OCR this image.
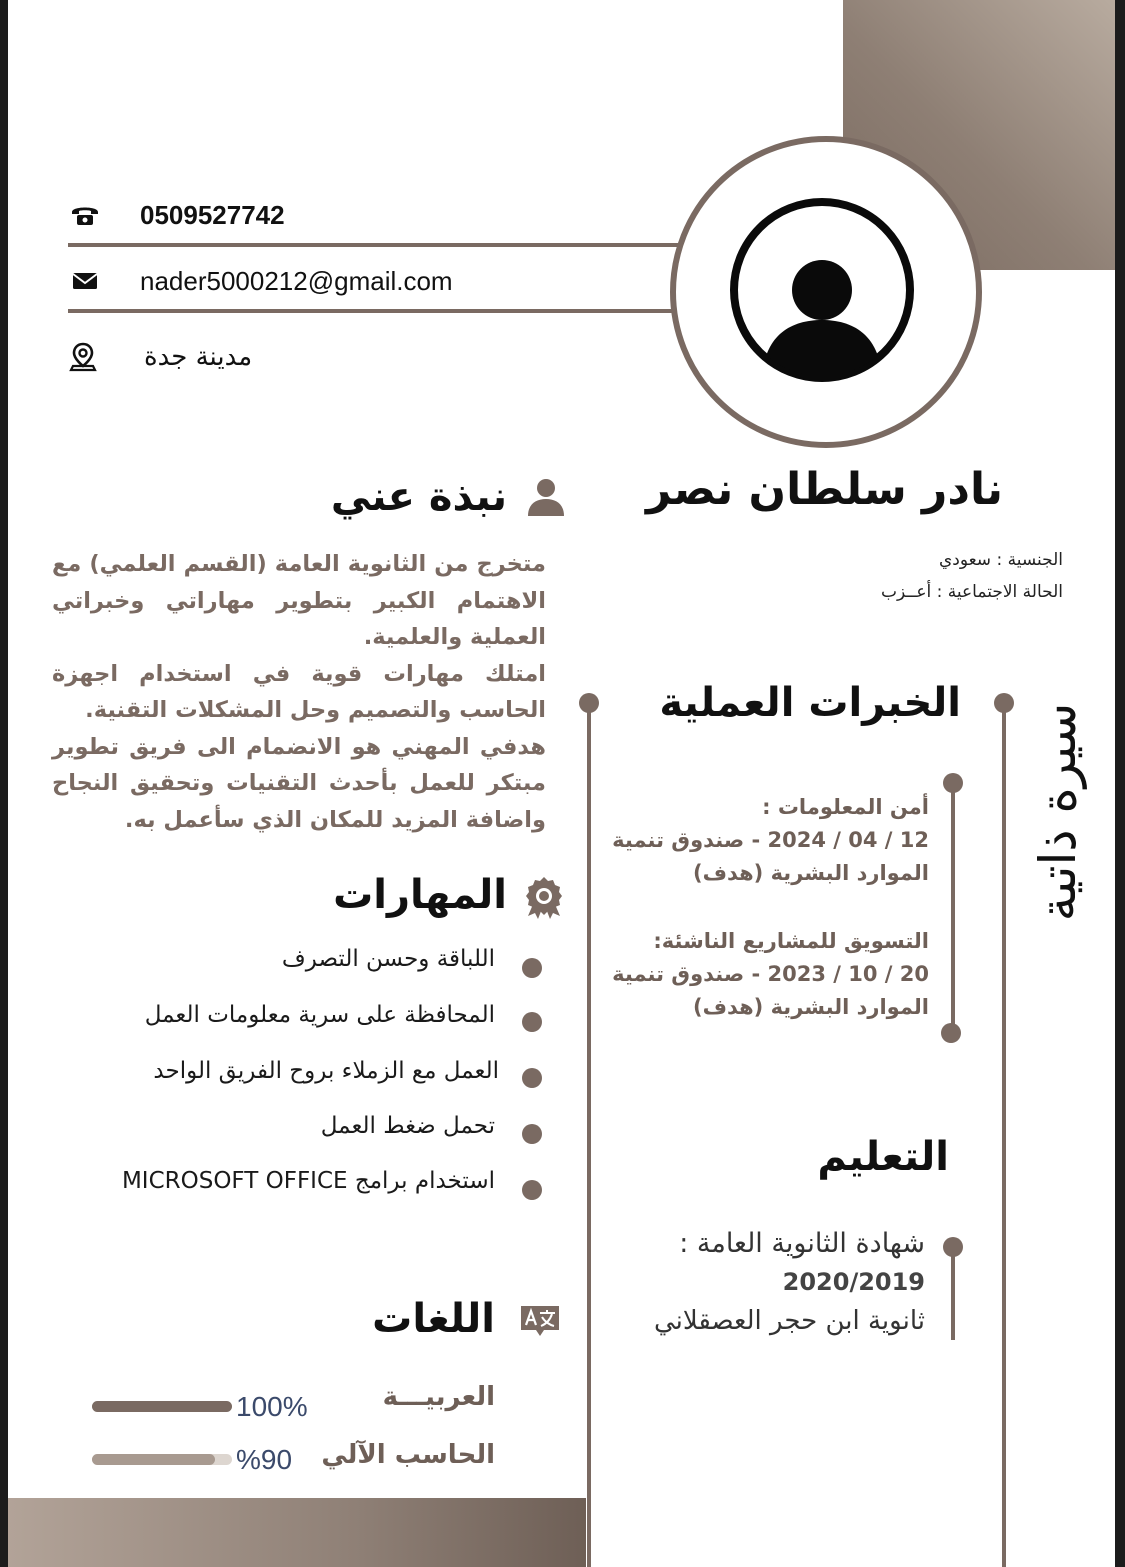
0509527742
nader5000212@gmail.com
مدينة جدة
نادر سلطان نصر
الجنسية : سعودي
الحالة الاجتماعية : أعــزب
سيرة ذاتية
نبذة عني

متخرج من الثانوية العامة (القسم العلمي) مع الاهتمام الكبير بتطوير مهاراتي وخبراتي العملية والعلمية.

امتلك مهارات قوية في استخدام اجهزة الحاسب والتصميم وحل المشكلات التقنية.

هدفي المهني هو الانضمام الى فريق تطوير مبتكر للعمل بأحدث التقنيات وتحقيق النجاح واضافة المزيد للمكان الذي سأعمل به.

الخبرات العملية
أمن المعلومات :
12 / 04 / 2024 - صندوق تنمية
الموارد البشرية (هدف)
التسويق للمشاريع الناشئة:
20 / 10 / 2023 - صندوق تنمية
الموارد البشرية (هدف)
التعليم
شهادة الثانوية العامة :
2020/2019
ثانوية ابن حجر العصقلاني
المهارات
اللباقة وحسن التصرف
المحافظة على سرية معلومات العمل
العمل مع الزملاء بروح الفريق الواحد
تحمل ضغط العمل
استخدام برامج MICROSOFT OFFICE
اللغات
العربيـــة
100%
الحاسب الآلي
%90
